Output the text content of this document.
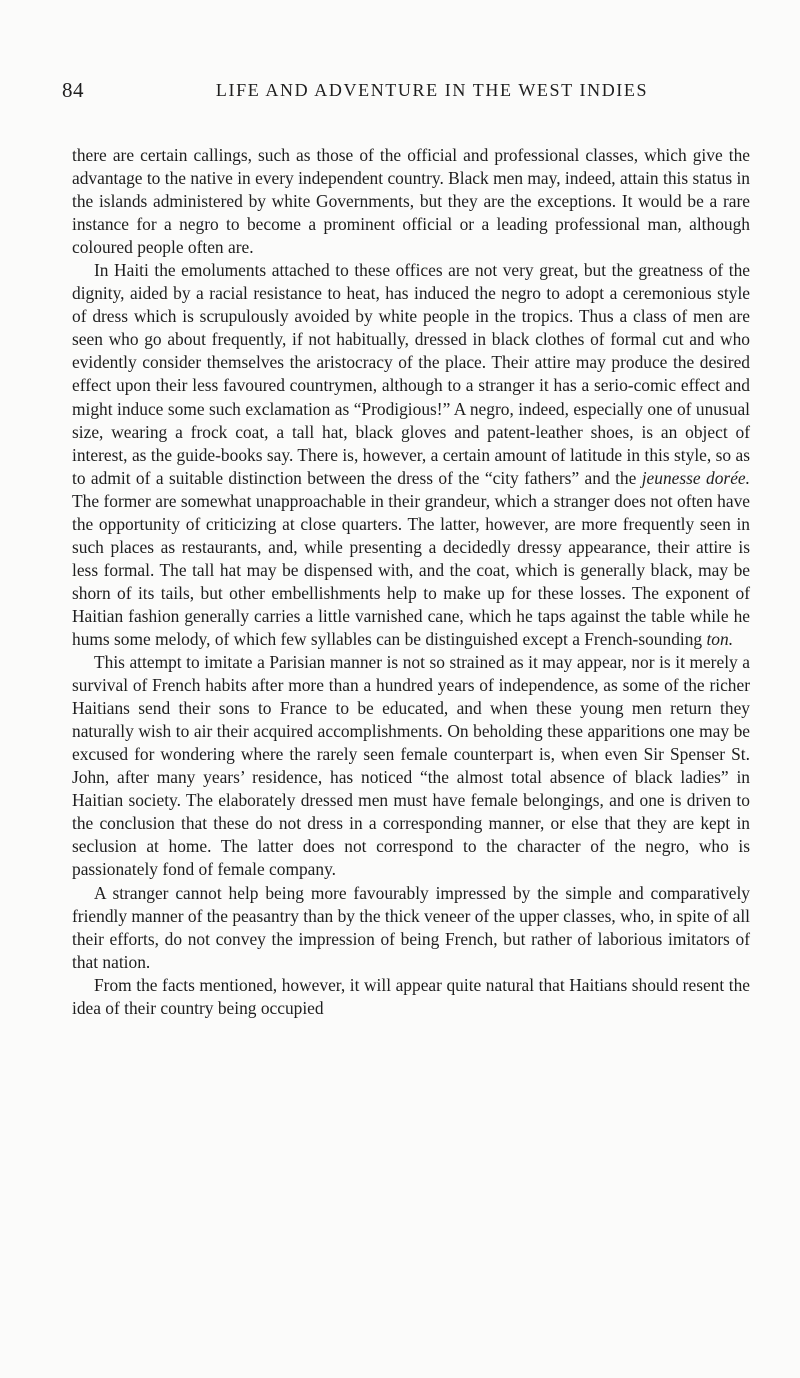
84	LIFE AND ADVENTURE IN THE WEST INDIES

there are certain callings, such as those of the official and professional classes, which give the advantage to the native in every independent country. Black men may, indeed, attain this status in the islands administered by white Governments, but they are the exceptions. It would be a rare instance for a negro to become a prominent official or a leading professional man, although coloured people often are.

In Haiti the emoluments attached to these offices are not very great, but the greatness of the dignity, aided by a racial resistance to heat, has induced the negro to adopt a ceremonious style of dress which is scrupulously avoided by white people in the tropics. Thus a class of men are seen who go about frequently, if not habitually, dressed in black clothes of formal cut and who evidently consider themselves the aristocracy of the place. Their attire may produce the desired effect upon their less favoured countrymen, although to a stranger it has a serio-comic effect and might induce some such exclamation as “Prodigious!” A negro, indeed, especially one of unusual size, wearing a frock coat, a tall hat, black gloves and patent-leather shoes, is an object of interest, as the guide-books say. There is, however, a certain amount of latitude in this style, so as to admit of a suitable distinction between the dress of the “city fathers” and the jeunesse dorée. The former are somewhat unapproachable in their grandeur, which a stranger does not often have the opportunity of criticizing at close quarters. The latter, however, are more frequently seen in such places as restaurants, and, while presenting a decidedly dressy appearance, their attire is less formal. The tall hat may be dispensed with, and the coat, which is generally black, may be shorn of its tails, but other embellishments help to make up for these losses. The exponent of Haitian fashion generally carries a little varnished cane, which he taps against the table while he hums some melody, of which few syllables can be distinguished except a French-sounding ton.

This attempt to imitate a Parisian manner is not so strained as it may appear, nor is it merely a survival of French habits after more than a hundred years of independence, as some of the richer Haitians send their sons to France to be educated, and when these young men return they naturally wish to air their acquired accomplishments. On beholding these apparitions one may be excused for wondering where the rarely seen female counterpart is, when even Sir Spenser St. John, after many years’ residence, has noticed “the almost total absence of black ladies” in Haitian society. The elaborately dressed men must have female belongings, and one is driven to the conclusion that these do not dress in a corresponding manner, or else that they are kept in seclusion at home. The latter does not correspond to the character of the negro, who is passionately fond of female company.

A stranger cannot help being more favourably impressed by the simple and comparatively friendly manner of the peasantry than by the thick veneer of the upper classes, who, in spite of all their efforts, do not convey the impression of being French, but rather of laborious imitators of that nation.

From the facts mentioned, however, it will appear quite natural that Haitians should resent the idea of their country being occupied
